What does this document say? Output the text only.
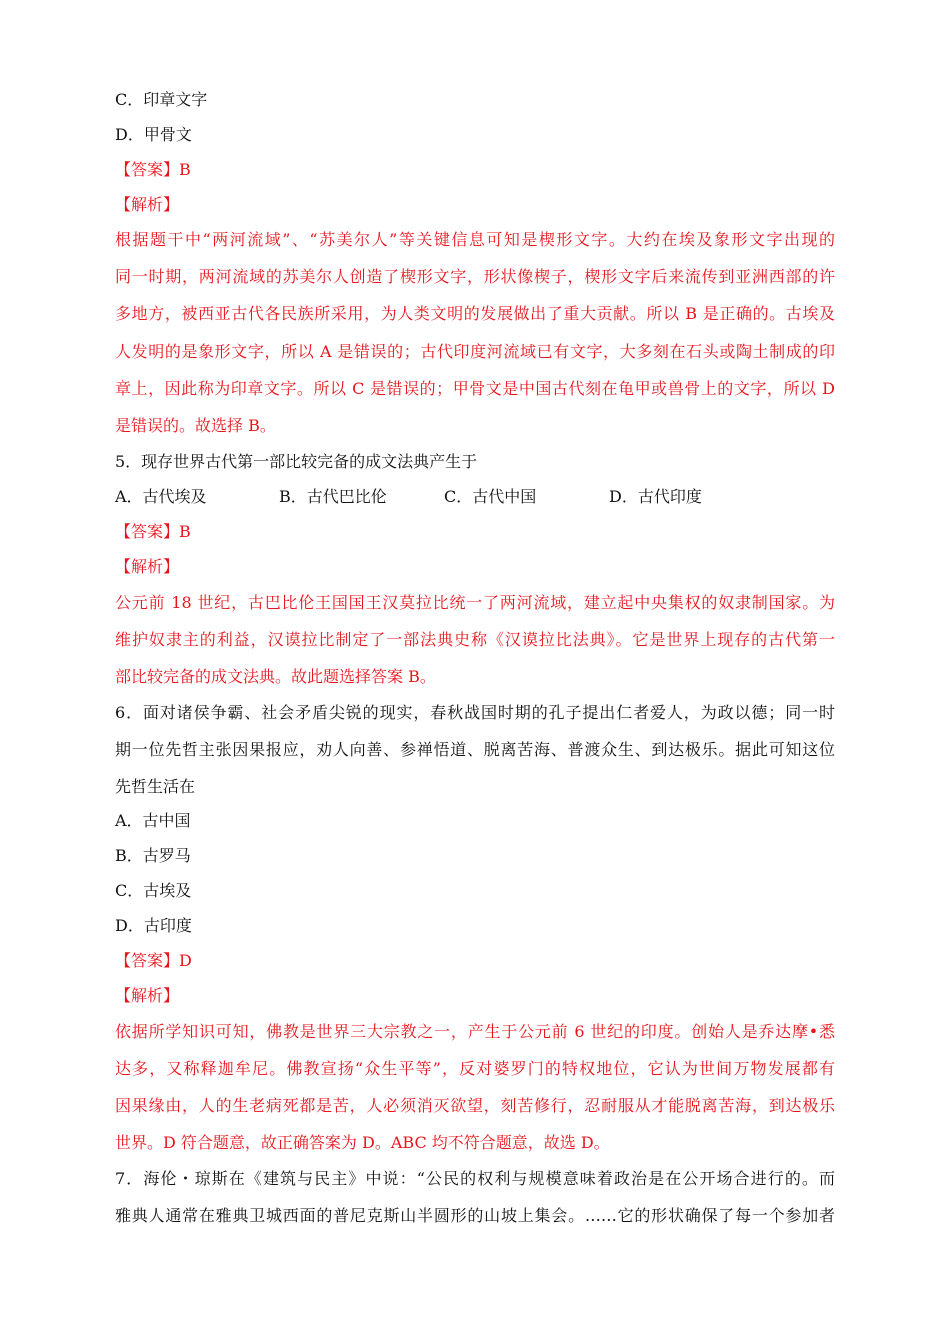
C．印章文字
D．甲骨文
【答案】B
【解析】
根据题干中“两河流域”、“苏美尔人”等关键信息可知是楔形文字。大约在埃及象形文字出现的
同一时期，两河流域的苏美尔人创造了楔形文字，形状像楔子，楔形文字后来流传到亚洲西部的许
多地方，被西亚古代各民族所采用，为人类文明的发展做出了重大贡献。所以 B 是正确的。古埃及
人发明的是象形文字，所以 A 是错误的；古代印度河流域已有文字，大多刻在石头或陶土制成的印
章上，因此称为印章文字。所以 C 是错误的；甲骨文是中国古代刻在龟甲或兽骨上的文字，所以 D
是错误的。故选择 B。
5．现存世界古代第一部比较完备的成文法典产生于
A．古代埃及	B．古代巴比伦	C．古代中国	D．古代印度
【答案】B
【解析】
公元前 18 世纪，古巴比伦王国国王汉莫拉比统一了两河流域，建立起中央集权的奴隶制国家。为
维护奴隶主的利益，汉谟拉比制定了一部法典史称《汉谟拉比法典》。它是世界上现存的古代第一
部比较完备的成文法典。故此题选择答案 B。
6．面对诸侯争霸、社会矛盾尖锐的现实，春秋战国时期的孔子提出仁者爱人，为政以德；同一时
期一位先哲主张因果报应，劝人向善、参禅悟道、脱离苦海、普渡众生、到达极乐。据此可知这位
先哲生活在
A．古中国
B．古罗马
C．古埃及
D．古印度
【答案】D
【解析】
依据所学知识可知，佛教是世界三大宗教之一，产生于公元前 6 世纪的印度。创始人是乔达摩•悉
达多，又称释迦牟尼。佛教宣扬“众生平等”，反对婆罗门的特权地位，它认为世间万物发展都有
因果缘由，人的生老病死都是苦，人必须消灭欲望，刻苦修行，忍耐服从才能脱离苦海，到达极乐
世界。D 符合题意，故正确答案为 D。ABC 均不符合题意，故选 D。
7．海伦・琼斯在《建筑与民主》中说：“公民的权利与规模意味着政治是在公开场合进行的。而
雅典人通常在雅典卫城西面的普尼克斯山半圆形的山坡上集会。……它的形状确保了每一个参加者
